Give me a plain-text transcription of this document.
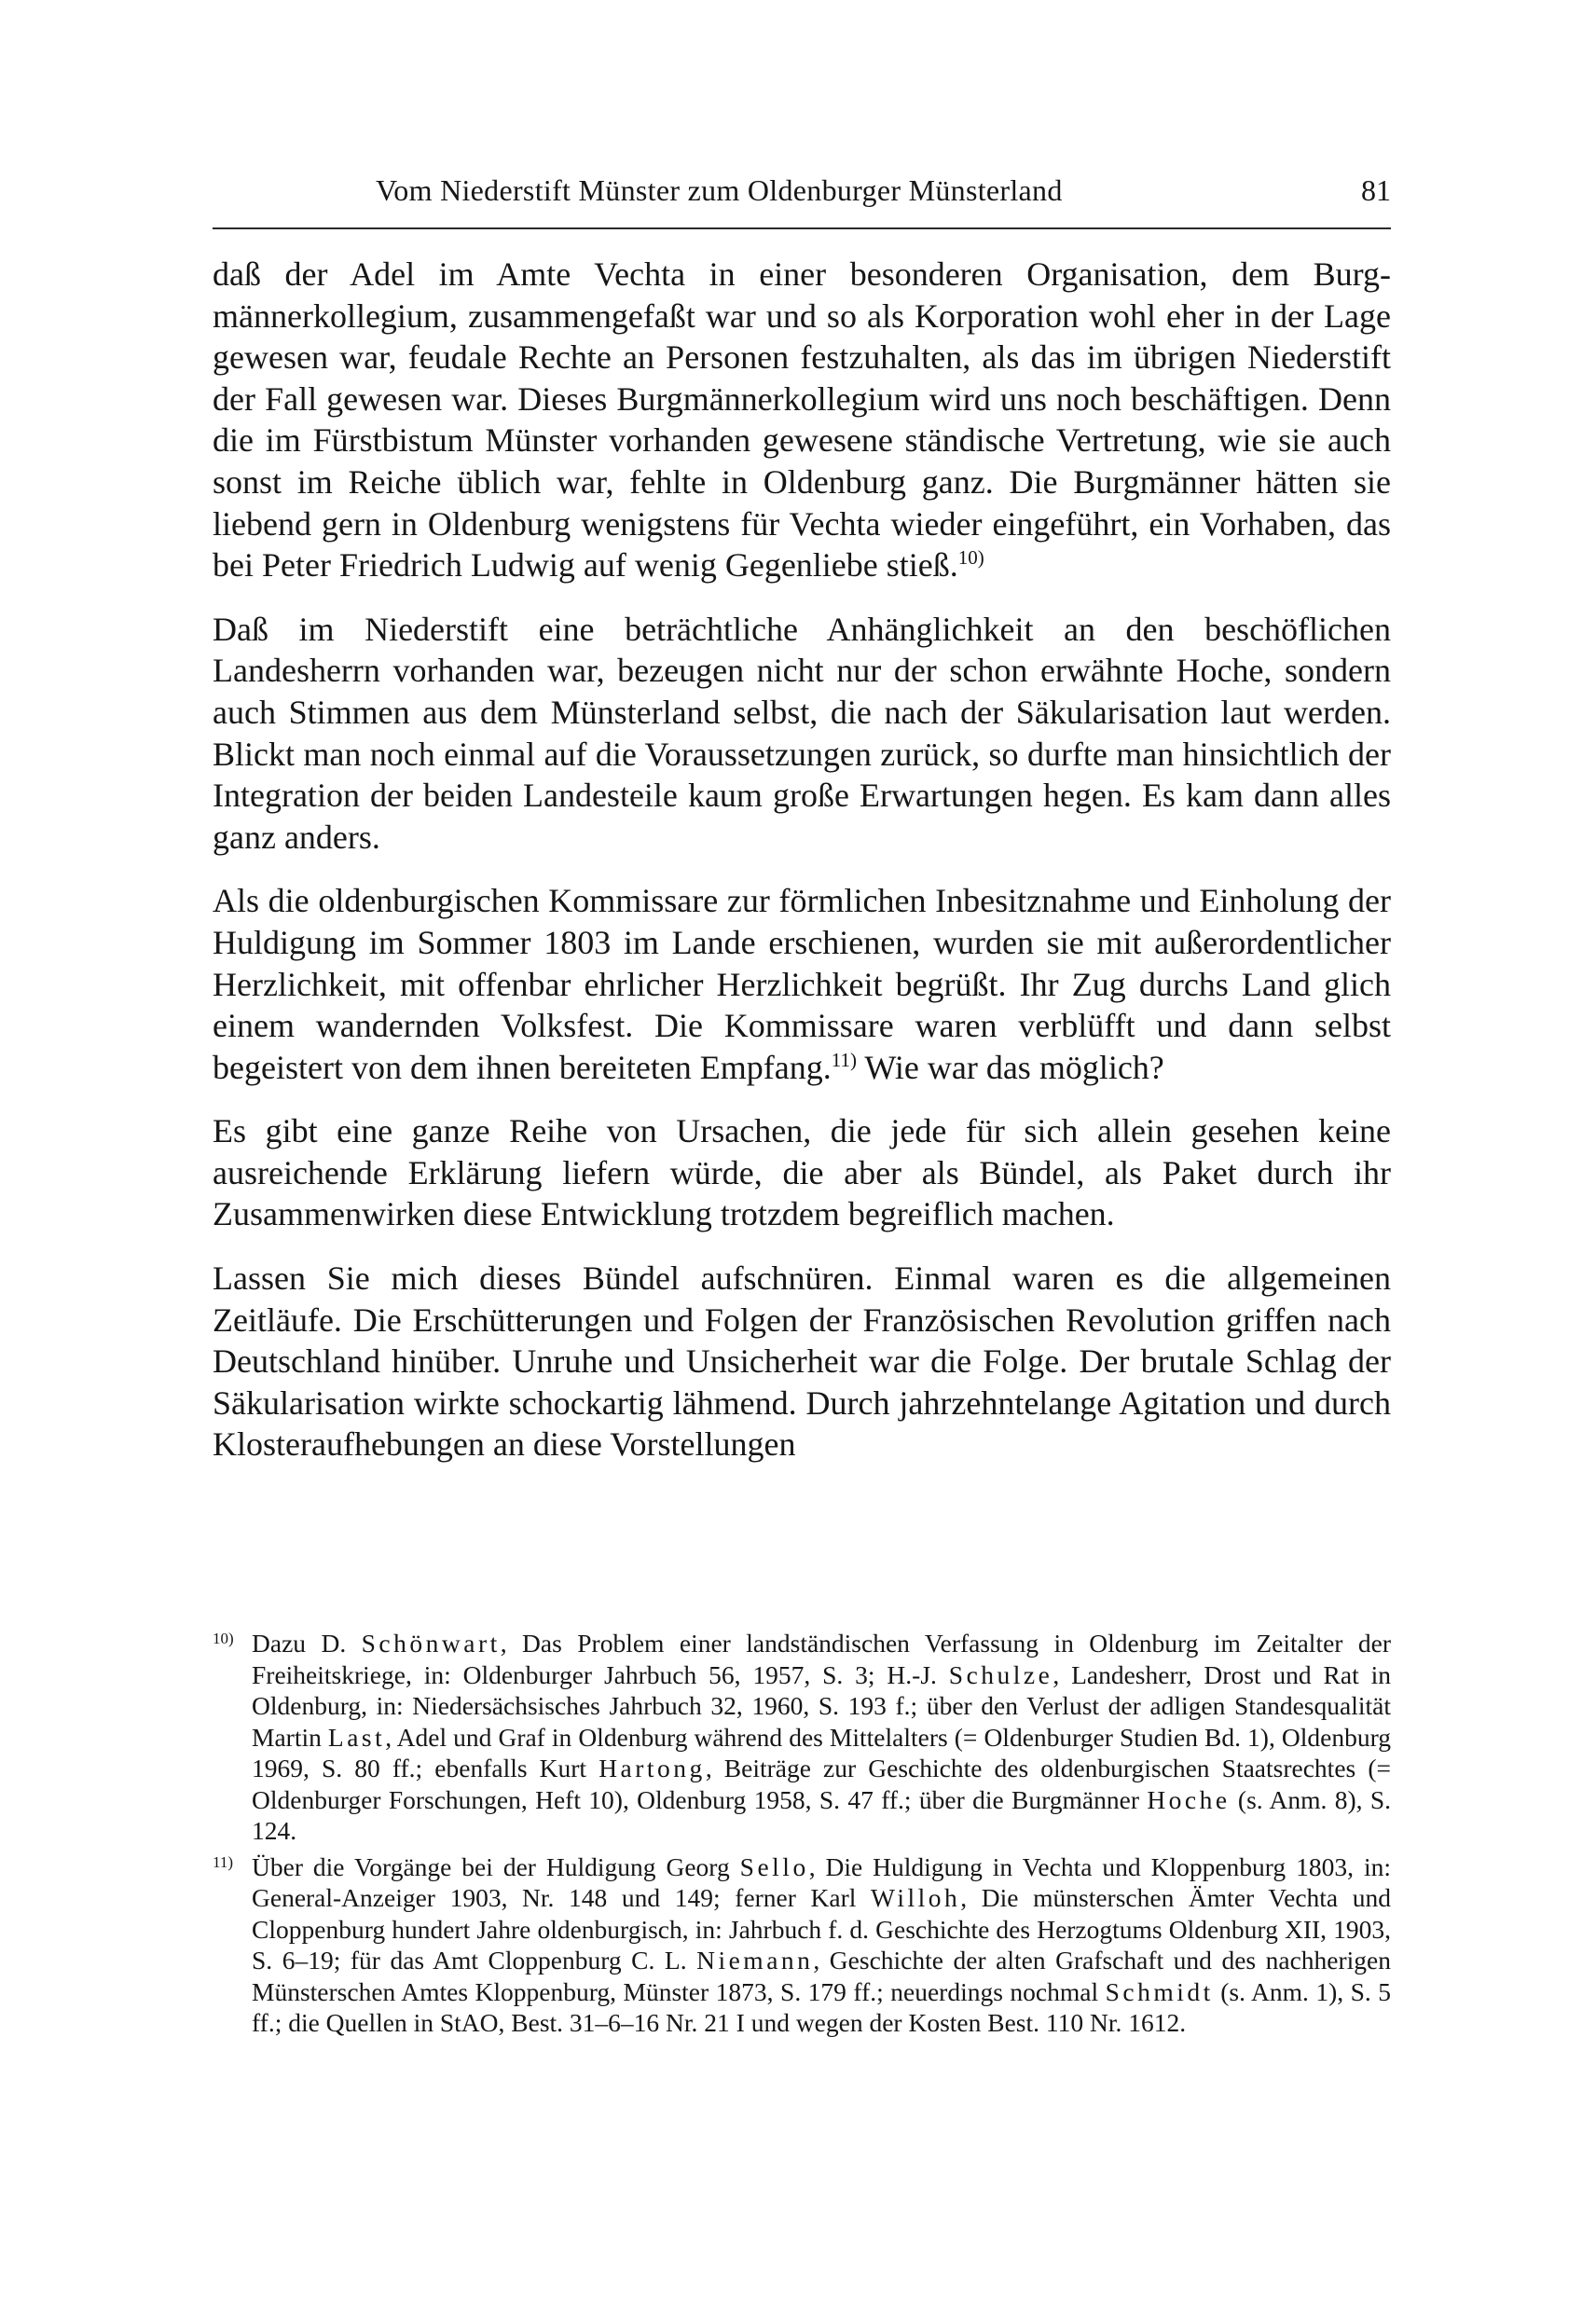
Vom Niederstift Münster zum Oldenburger Münsterland	81

daß der Adel im Amte Vechta in einer besonderen Organisation, dem Burgmännerkollegium, zusammengefaßt war und so als Korporation wohl eher in der Lage gewesen war, feudale Rechte an Personen festzuhalten, als das im übrigen Niederstift der Fall gewesen war. Dieses Burgmännerkollegium wird uns noch beschäftigen. Denn die im Fürstbistum Münster vorhanden gewesene ständische Vertretung, wie sie auch sonst im Reiche üblich war, fehlte in Oldenburg ganz. Die Burgmänner hätten sie liebend gern in Oldenburg wenigstens für Vechta wieder eingeführt, ein Vorhaben, das bei Peter Friedrich Ludwig auf wenig Gegenliebe stieß.$^{10)}$

Daß im Niederstift eine beträchtliche Anhänglichkeit an den beschöflichen Landesherrn vorhanden war, bezeugen nicht nur der schon erwähnte Hoche, sondern auch Stimmen aus dem Münsterland selbst, die nach der Säkularisation laut werden. Blickt man noch einmal auf die Voraussetzungen zurück, so durfte man hinsichtlich der Integration der beiden Landesteile kaum große Erwartungen hegen. Es kam dann alles ganz anders.

Als die oldenburgischen Kommissare zur förmlichen Inbesitznahme und Einholung der Huldigung im Sommer 1803 im Lande erschienen, wurden sie mit außerordentlicher Herzlichkeit, mit offenbar ehrlicher Herzlichkeit begrüßt. Ihr Zug durchs Land glich einem wandernden Volksfest. Die Kommissare waren verblüfft und dann selbst begeistert von dem ihnen bereiteten Empfang.$^{11)}$ Wie war das möglich?

Es gibt eine ganze Reihe von Ursachen, die jede für sich allein gesehen keine ausreichende Erklärung liefern würde, die aber als Bündel, als Paket durch ihr Zusammenwirken diese Entwicklung trotzdem begreiflich machen.

Lassen Sie mich dieses Bündel aufschnüren. Einmal waren es die allgemeinen Zeitläufe. Die Erschütterungen und Folgen der Französischen Revolution griffen nach Deutschland hinüber. Unruhe und Unsicherheit war die Folge. Der brutale Schlag der Säkularisation wirkte schockartig lähmend. Durch jahrzehntelange Agitation und durch Klosteraufhebungen an diese Vorstellungen

10) Dazu D. Schönwart, Das Problem einer landständischen Verfassung in Oldenburg im Zeitalter der Freiheitskriege, in: Oldenburger Jahrbuch 56, 1957, S. 3; H.-J. Schulze, Landesherr, Drost und Rat in Oldenburg, in: Niedersächsisches Jahrbuch 32, 1960, S. 193 f.; über den Verlust der adligen Standesqualität Martin Last, Adel und Graf in Oldenburg während des Mittelalters (= Oldenburger Studien Bd. 1), Oldenburg 1969, S. 80 ff.; ebenfalls Kurt Hartong, Beiträge zur Geschichte des oldenburgischen Staatsrechtes (= Oldenburger Forschungen, Heft 10), Oldenburg 1958, S. 47 ff.; über die Burgmänner Hoche (s. Anm. 8), S. 124.
11) Über die Vorgänge bei der Huldigung Georg Sello, Die Huldigung in Vechta und Kloppenburg 1803, in: General-Anzeiger 1903, Nr. 148 und 149; ferner Karl Willoh, Die münsterschen Ämter Vechta und Cloppenburg hundert Jahre oldenburgisch, in: Jahrbuch f. d. Geschichte des Herzogtums Oldenburg XII, 1903, S. 6–19; für das Amt Cloppenburg C. L. Niemann, Geschichte der alten Grafschaft und des nachherigen Münsterschen Amtes Kloppenburg, Münster 1873, S. 179 ff.; neuerdings nochmal Schmidt (s. Anm. 1), S. 5 ff.; die Quellen in StAO, Best. 31–6–16 Nr. 21 I und wegen der Kosten Best. 110 Nr. 1612.
